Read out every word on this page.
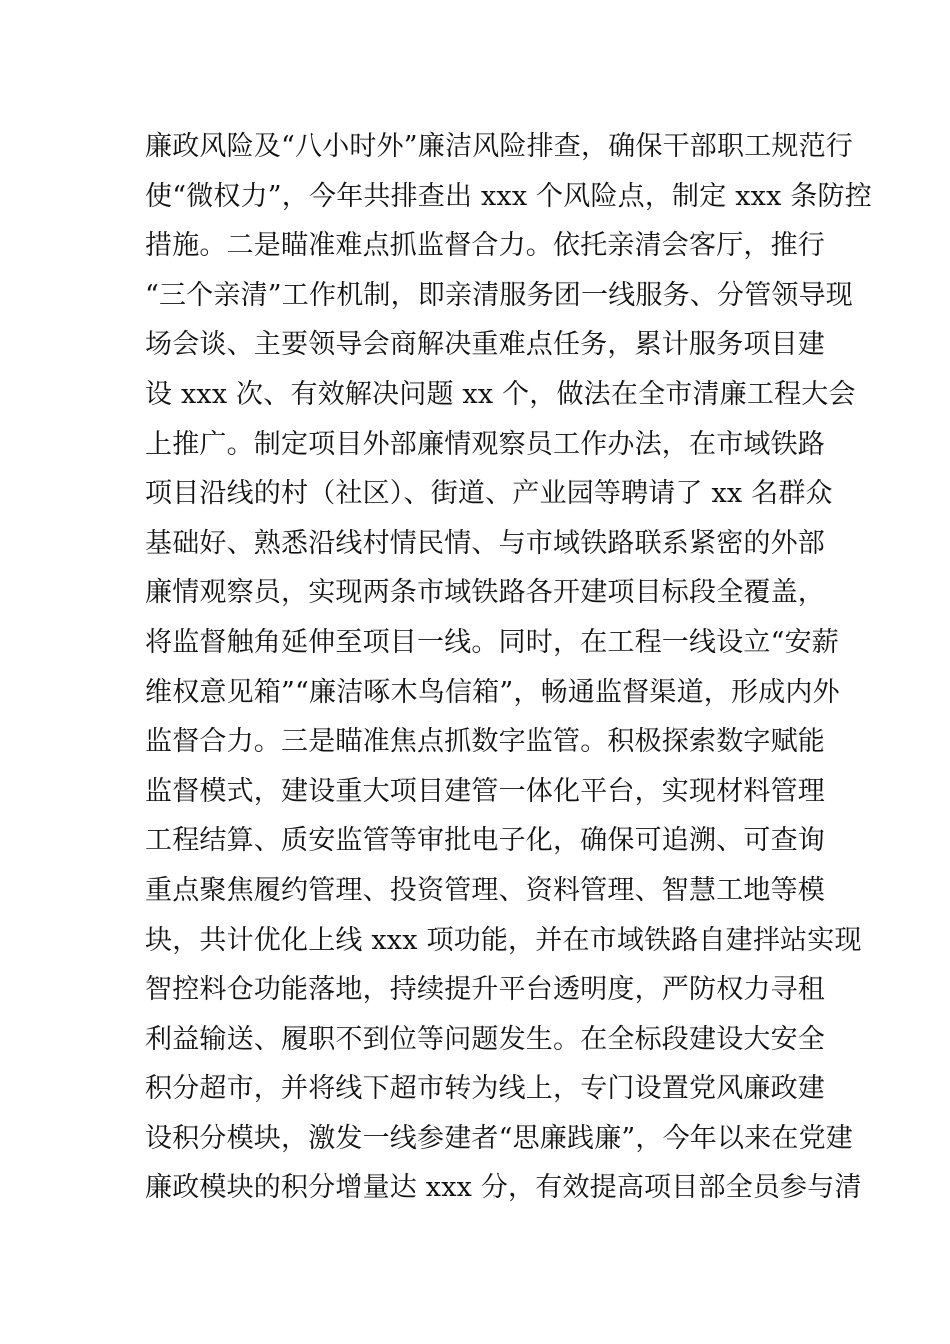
廉政风险及“八小时外”廉洁风险排查，确保干部职工规范行
使“微权力”，今年共排查出 xxx 个风险点，制定 xxx 条防控
措施。二是瞄准难点抓监督合力。依托亲清会客厅，推行
“三个亲清”工作机制，即亲清服务团一线服务、分管领导现
场会谈、主要领导会商解决重难点任务，累计服务项目建
设 xxx 次、有效解决问题 xx 个，做法在全市清廉工程大会
上推广。制定项目外部廉情观察员工作办法，在市域铁路
项目沿线的村（社区）、街道、产业园等聘请了 xx 名群众
基础好、熟悉沿线村情民情、与市域铁路联系紧密的外部
廉情观察员，实现两条市域铁路各开建项目标段全覆盖，
将监督触角延伸至项目一线。同时，在工程一线设立“安薪
维权意见箱”“廉洁啄木鸟信箱”，畅通监督渠道，形成内外
监督合力。三是瞄准焦点抓数字监管。积极探索数字赋能
监督模式，建设重大项目建管一体化平台，实现材料管理
工程结算、质安监管等审批电子化，确保可追溯、可查询
重点聚焦履约管理、投资管理、资料管理、智慧工地等模
块，共计优化上线 xxx 项功能，并在市域铁路自建拌站实现
智控料仓功能落地，持续提升平台透明度，严防权力寻租
利益输送、履职不到位等问题发生。在全标段建设大安全
积分超市，并将线下超市转为线上，专门设置党风廉政建
设积分模块，激发一线参建者“思廉践廉”，今年以来在党建
廉政模块的积分增量达 xxx 分，有效提高项目部全员参与清
